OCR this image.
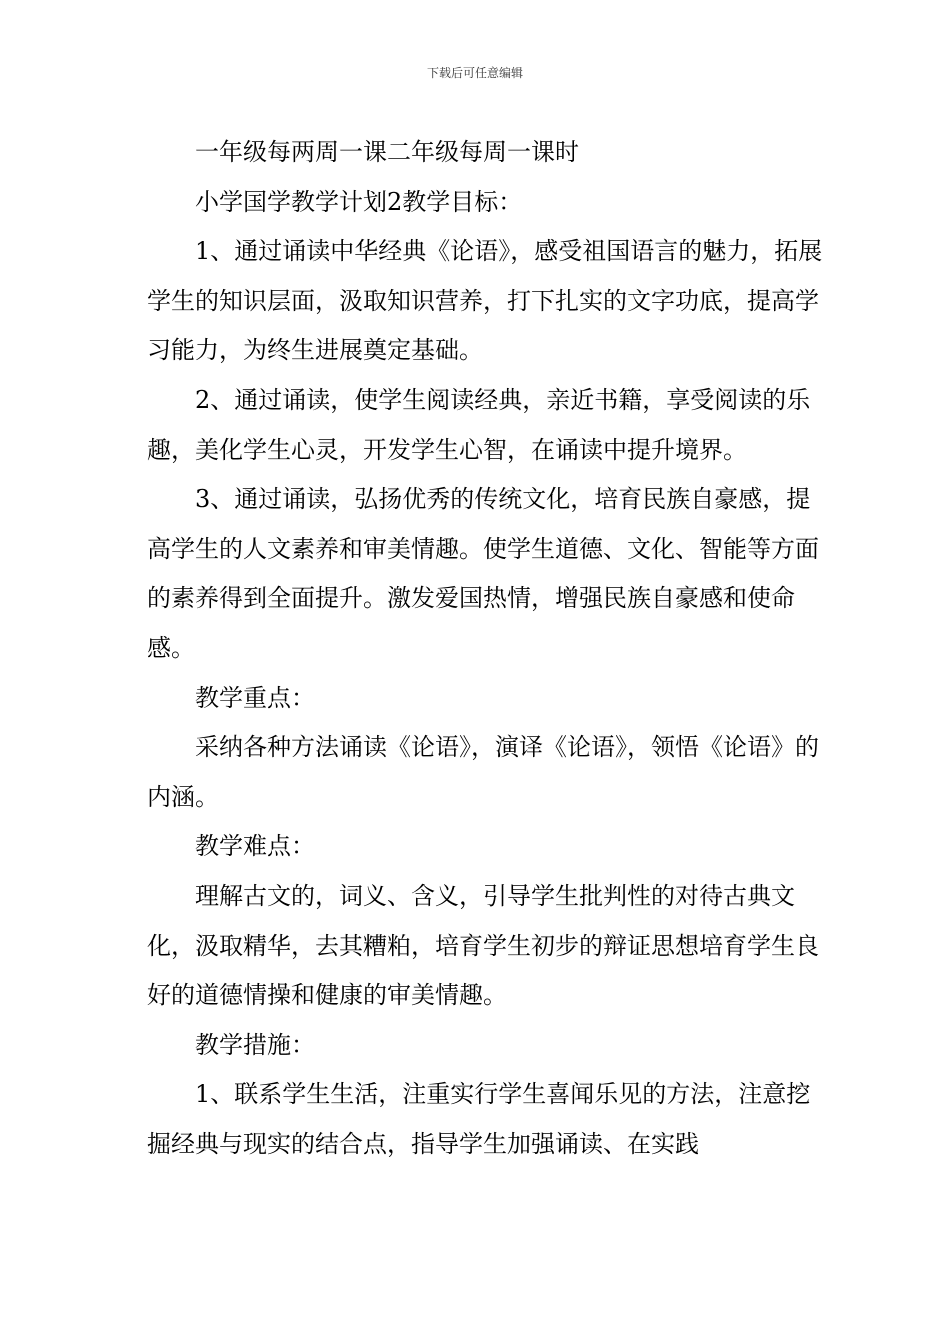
下载后可任意编辑

一年级每两周一课二年级每周一课时

小学国学教学计划2教学目标：

1、通过诵读中华经典《论语》，感受祖国语言的魅力，拓展学生的知识层面，汲取知识营养，打下扎实的文字功底，提高学习能力，为终生进展奠定基础。

2、通过诵读，使学生阅读经典，亲近书籍，享受阅读的乐趣，美化学生心灵，开发学生心智，在诵读中提升境界。

3、通过诵读，弘扬优秀的传统文化，培育民族自豪感，提高学生的人文素养和审美情趣。使学生道德、文化、智能等方面的素养得到全面提升。激发爱国热情，增强民族自豪感和使命感。

教学重点：

采纳各种方法诵读《论语》，演译《论语》，领悟《论语》的内涵。

教学难点：

理解古文的，词义、含义，引导学生批判性的对待古典文化，汲取精华，去其糟粕，培育学生初步的辩证思想培育学生良好的道德情操和健康的审美情趣。

教学措施：

1、联系学生生活，注重实行学生喜闻乐见的方法，注意挖掘经典与现实的结合点，指导学生加强诵读、在实践
